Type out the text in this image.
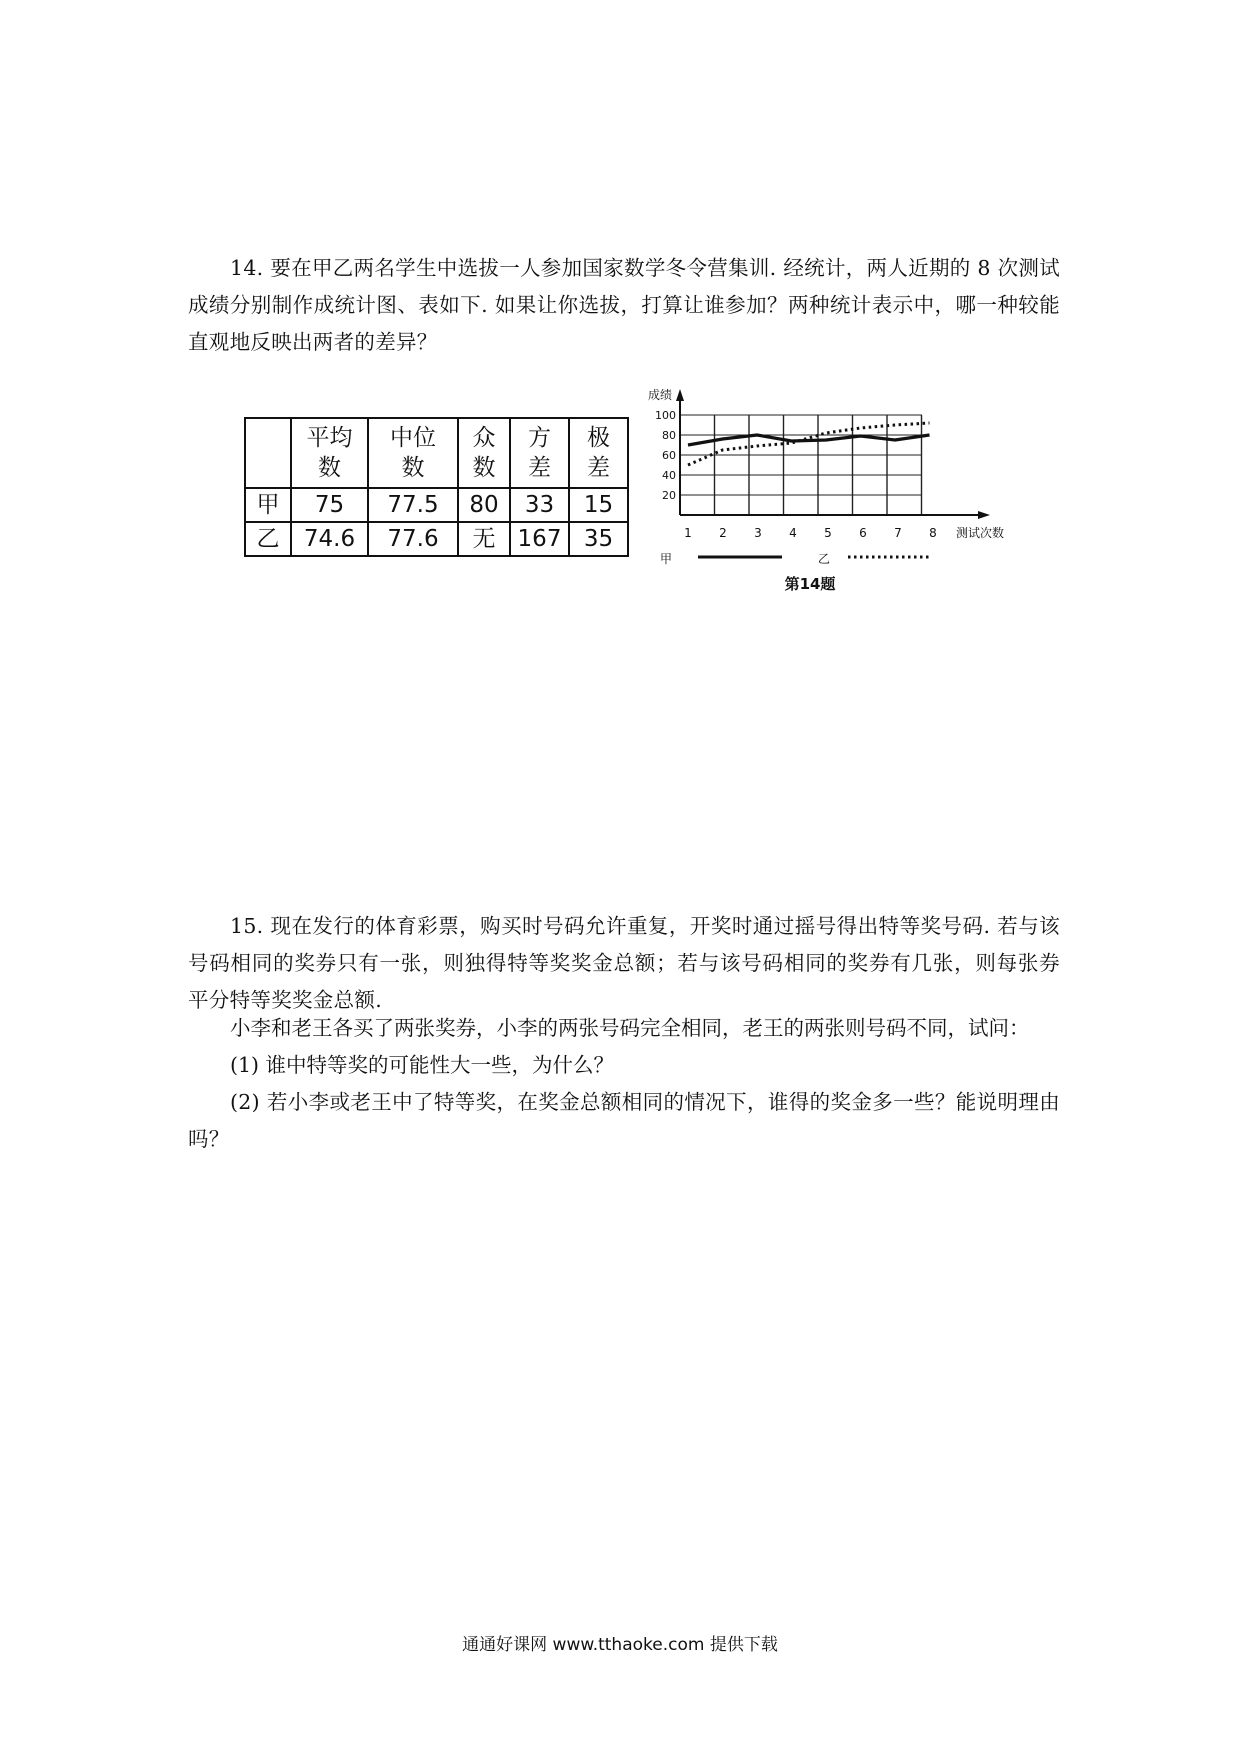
14. 要在甲乙两名学生中选拔一人参加国家数学冬令营集训. 经统计，两人近期的 8 次测试成绩分别制作成统计图、表如下. 如果让你选拔，打算让谁参加？两种统计表示中，哪一种较能直观地反映出两者的差异？

	平均数	中位数	众数	方差	极差
甲	75	77.5	80	33	15
乙	74.6	77.6	无	167	35
20
40
60
80
100
成绩
测试次数
1 2 3 4 5 6 7 8
甲	乙
第14题

15. 现在发行的体育彩票，购买时号码允许重复，开奖时通过摇号得出特等奖号码. 若与该号码相同的奖券只有一张，则独得特等奖奖金总额；若与该号码相同的奖券有几张，则每张券平分特等奖奖金总额.

小李和老王各买了两张奖券，小李的两张号码完全相同，老王的两张则号码不同，试问：

(1) 谁中特等奖的可能性大一些，为什么？

(2) 若小李或老王中了特等奖，在奖金总额相同的情况下，谁得的奖金多一些？能说明理由吗？

通通好课网 www.tthaoke.com 提供下载
